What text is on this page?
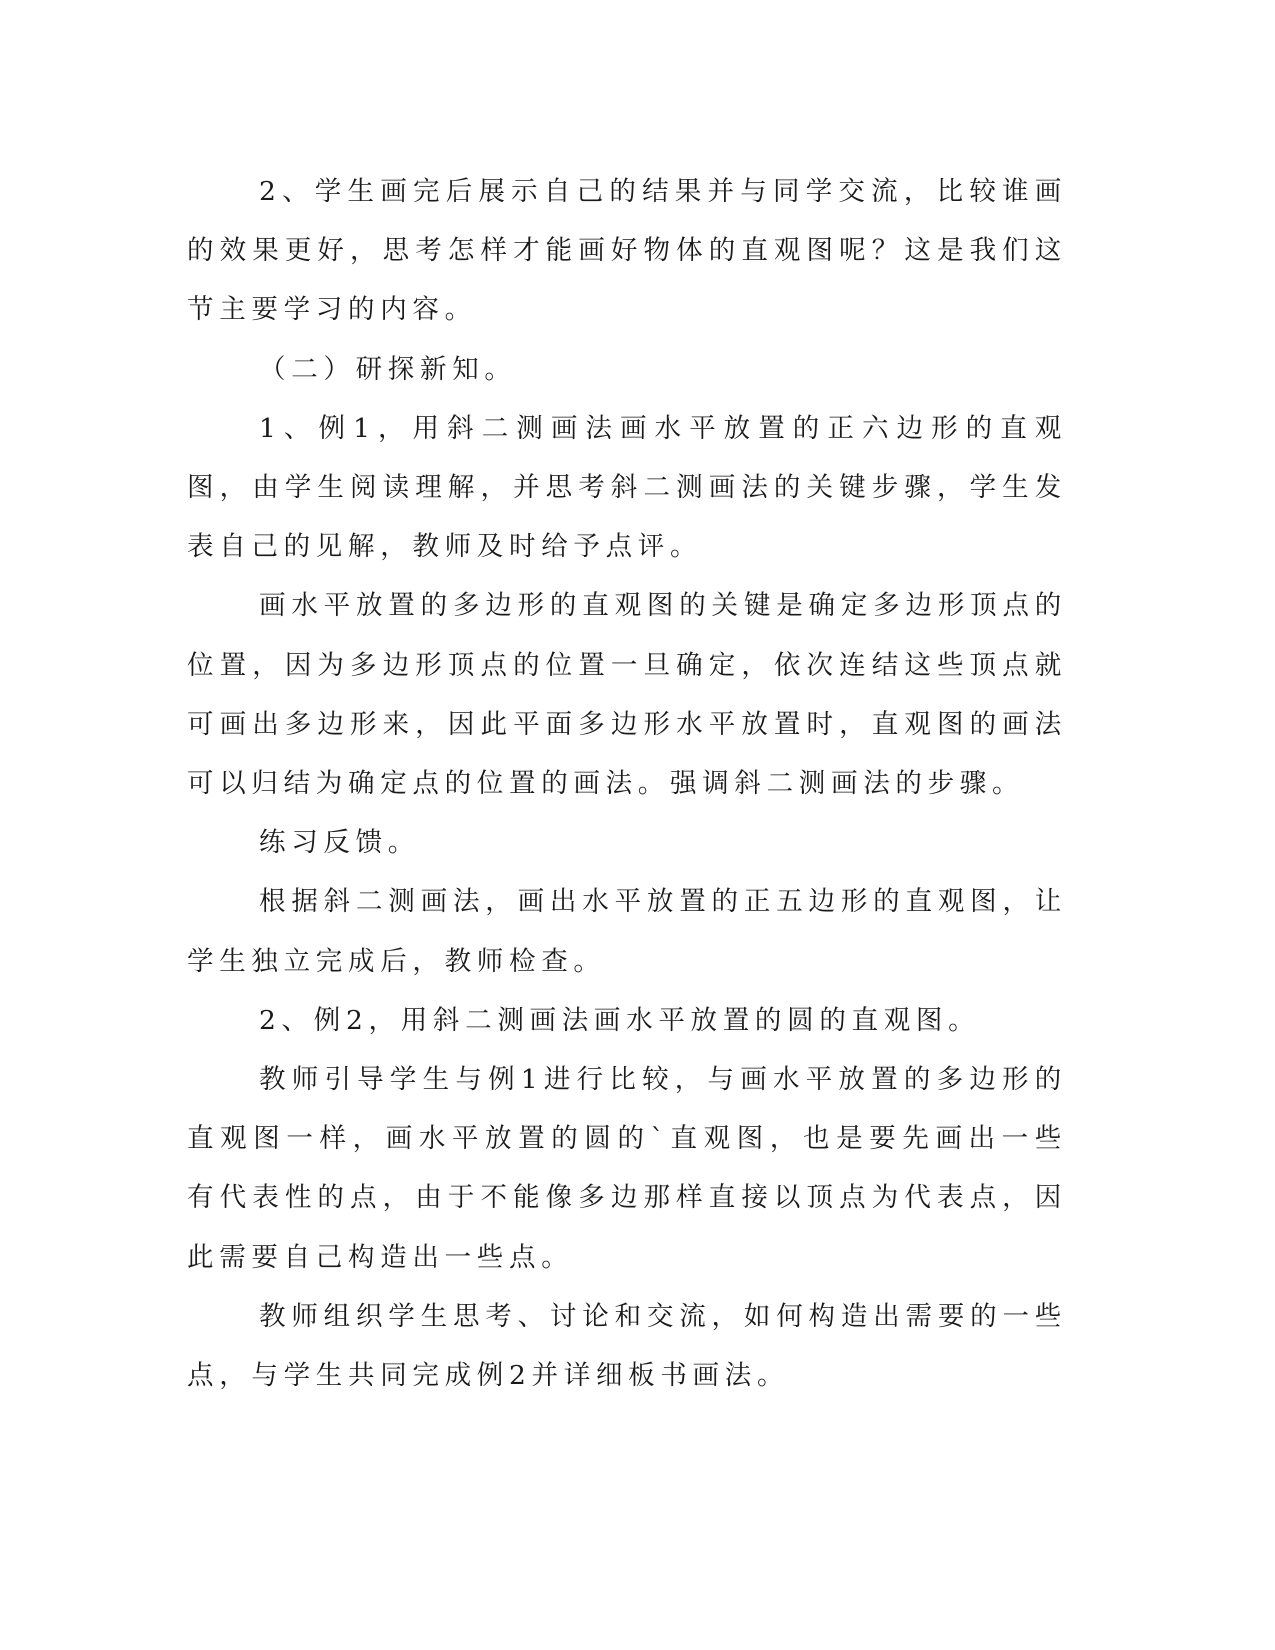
2、学生画完后展示自己的结果并与同学交流，比较谁画的效果更好，思考怎样才能画好物体的直观图呢？这是我们这节主要学习的内容。

（二）研探新知。

1、例1，用斜二测画法画水平放置的正六边形的直观图，由学生阅读理解，并思考斜二测画法的关键步骤，学生发表自己的见解，教师及时给予点评。

画水平放置的多边形的直观图的关键是确定多边形顶点的位置，因为多边形顶点的位置一旦确定，依次连结这些顶点就可画出多边形来，因此平面多边形水平放置时，直观图的画法可以归结为确定点的位置的画法。强调斜二测画法的步骤。

练习反馈。

根据斜二测画法，画出水平放置的正五边形的直观图，让学生独立完成后，教师检查。

2、例2，用斜二测画法画水平放置的圆的直观图。

教师引导学生与例1进行比较，与画水平放置的多边形的直观图一样，画水平放置的圆的`直观图，也是要先画出一些有代表性的点，由于不能像多边那样直接以顶点为代表点，因此需要自己构造出一些点。

教师组织学生思考、讨论和交流，如何构造出需要的一些点，与学生共同完成例2并详细板书画法。
